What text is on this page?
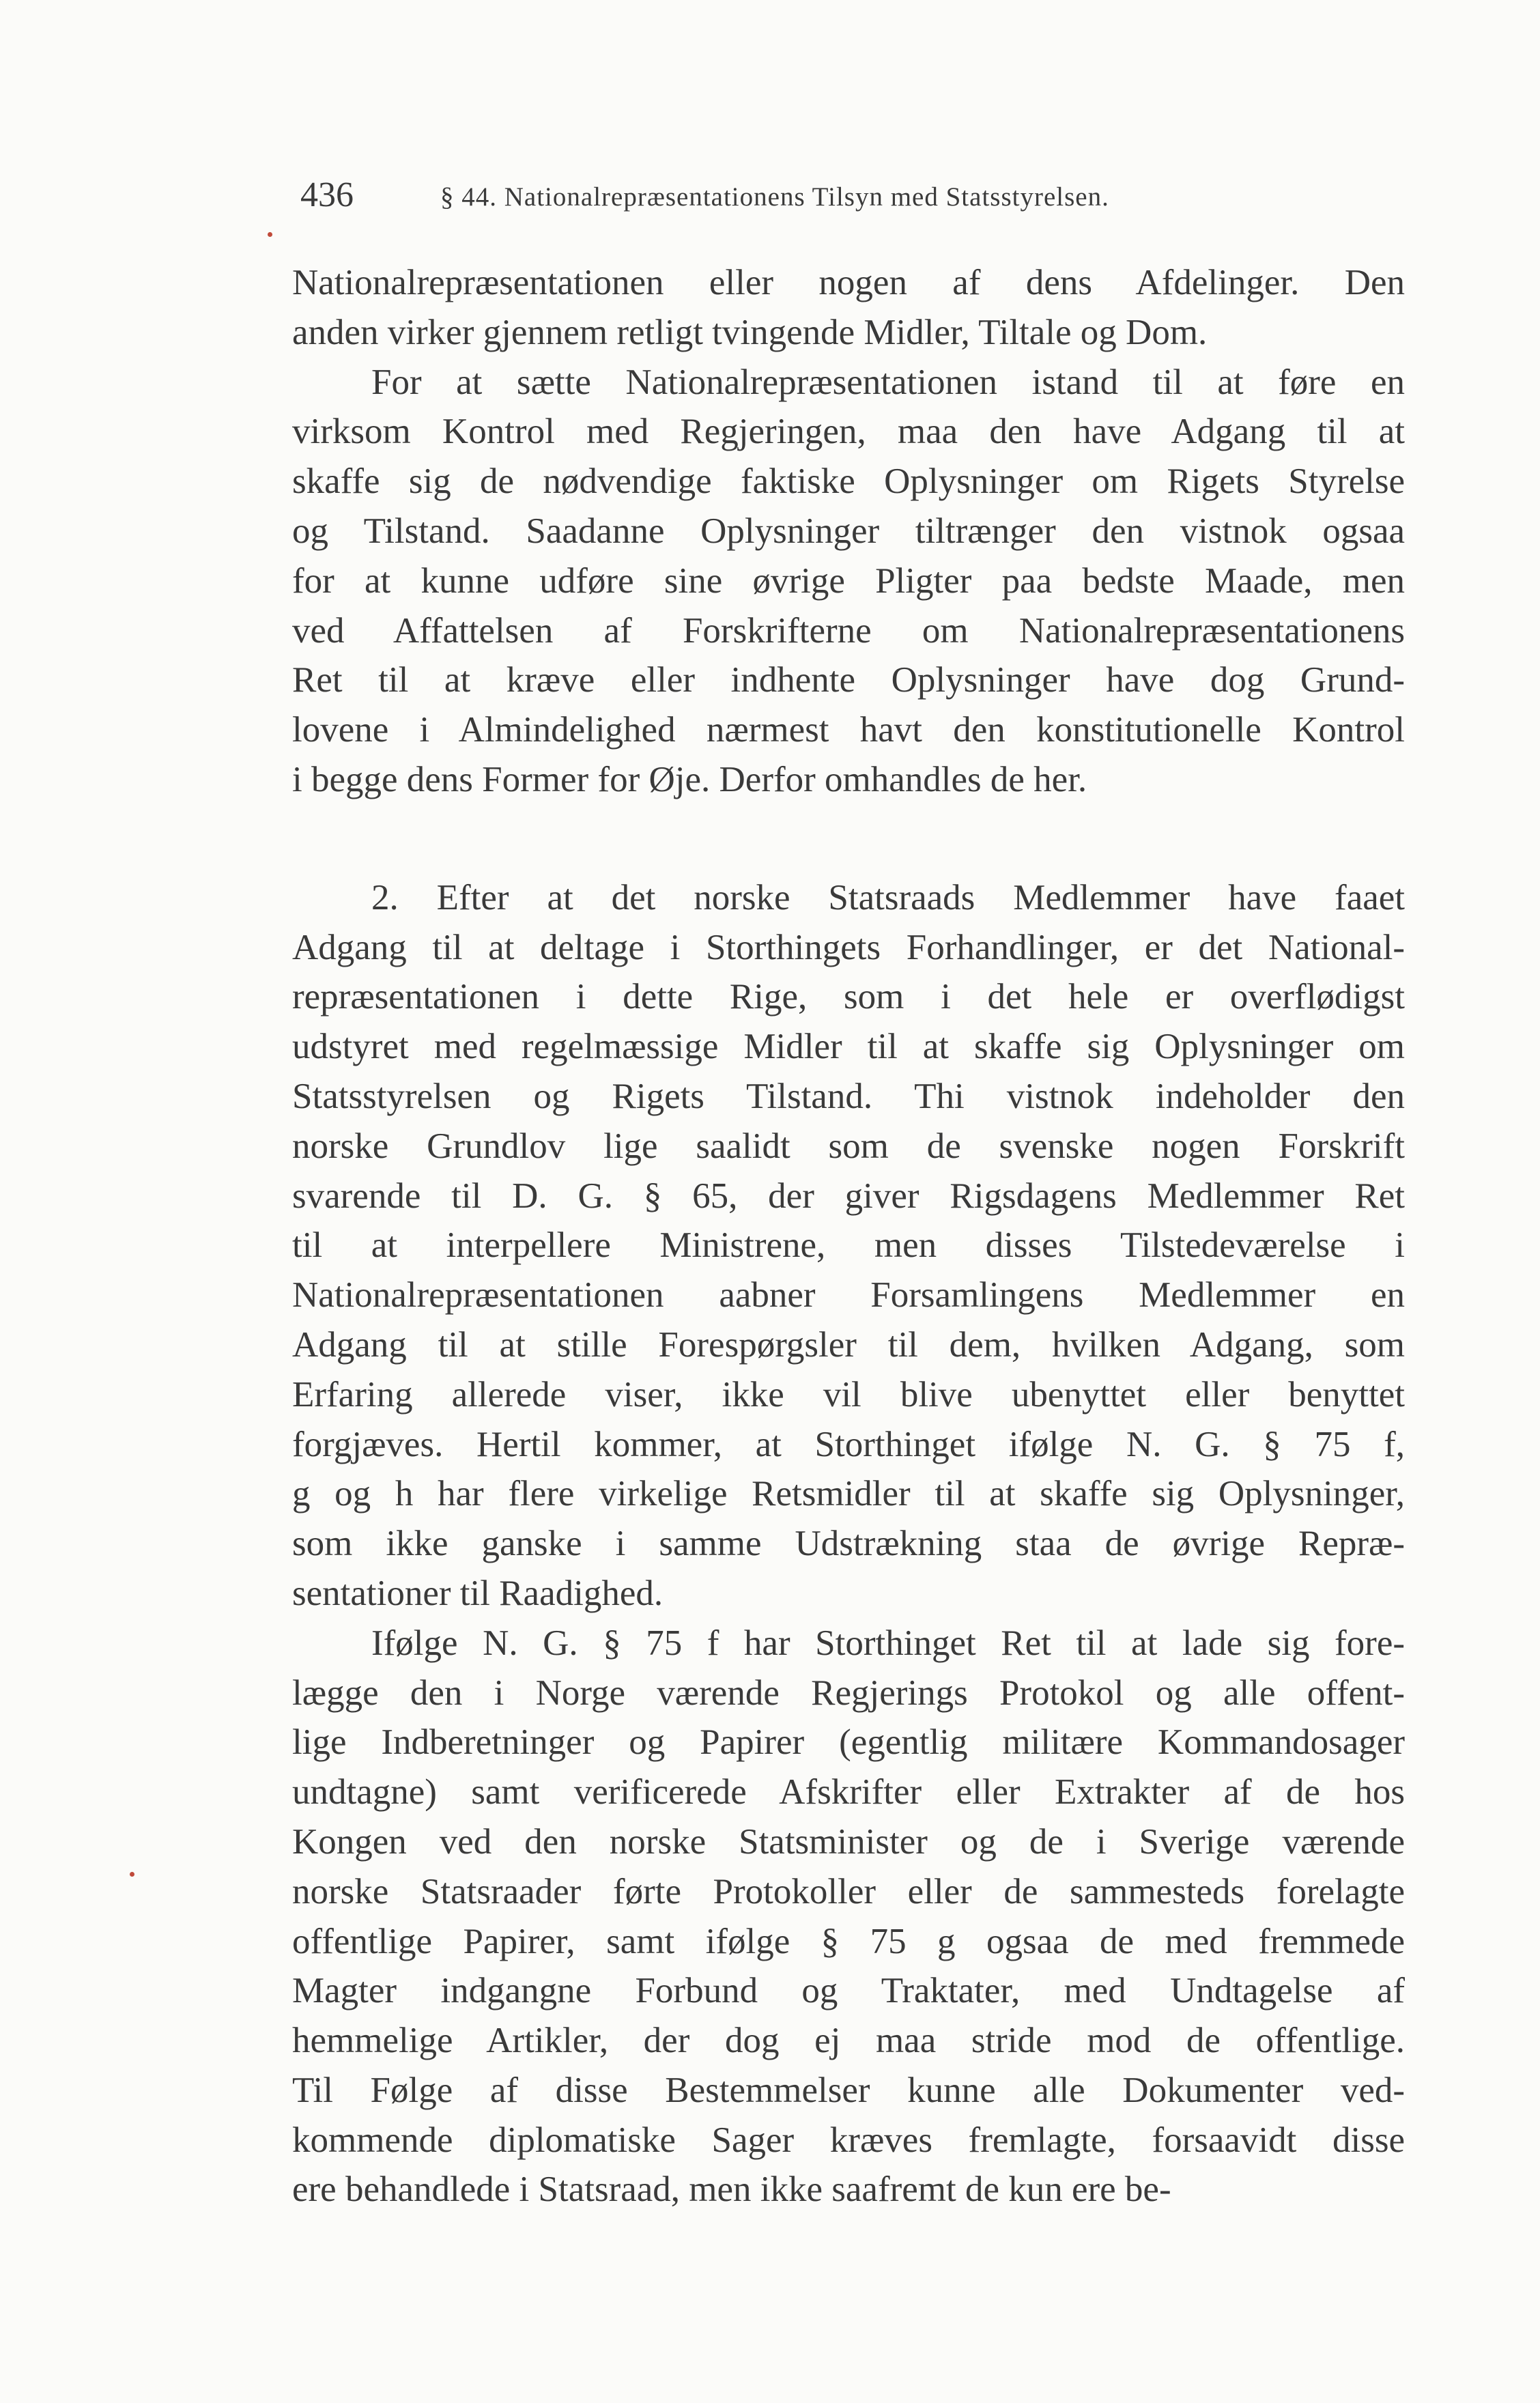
436	§ 44. Nationalrepræsentationens Tilsyn med Statsstyrelsen.
Nationalrepræsentationen eller nogen af dens Afdelinger. Den
anden virker gjennem retligt tvingende Midler, Tiltale og Dom.
For at sætte Nationalrepræsentationen istand til at føre en
virksom Kontrol med Regjeringen, maa den have Adgang til at
skaffe sig de nødvendige faktiske Oplysninger om Rigets Styrelse
og Tilstand. Saadanne Oplysninger tiltrænger den vistnok ogsaa
for at kunne udføre sine øvrige Pligter paa bedste Maade, men
ved Affattelsen af Forskrifterne om Nationalrepræsentationens
Ret til at kræve eller indhente Oplysninger have dog Grund-
lovene i Almindelighed nærmest havt den konstitutionelle Kontrol
i begge dens Former for Øje. Derfor omhandles de her.
2. Efter at det norske Statsraads Medlemmer have faaet
Adgang til at deltage i Storthingets Forhandlinger, er det National-
repræsentationen i dette Rige, som i det hele er overflødigst
udstyret med regelmæssige Midler til at skaffe sig Oplysninger om
Statsstyrelsen og Rigets Tilstand. Thi vistnok indeholder den
norske Grundlov lige saalidt som de svenske nogen Forskrift
svarende til D. G. § 65, der giver Rigsdagens Medlemmer Ret
til at interpellere Ministrene, men disses Tilstedeværelse i
Nationalrepræsentationen aabner Forsamlingens Medlemmer en
Adgang til at stille Forespørgsler til dem, hvilken Adgang, som
Erfaring allerede viser, ikke vil blive ubenyttet eller benyttet
forgjæves. Hertil kommer, at Storthinget ifølge N. G. § 75 f,
g og h har flere virkelige Retsmidler til at skaffe sig Oplysninger,
som ikke ganske i samme Udstrækning staa de øvrige Repræ-
sentationer til Raadighed.
Ifølge N. G. § 75 f har Storthinget Ret til at lade sig fore-
lægge den i Norge værende Regjerings Protokol og alle offent-
lige Indberetninger og Papirer (egentlig militære Kommandosager
undtagne) samt verificerede Afskrifter eller Extrakter af de hos
Kongen ved den norske Statsminister og de i Sverige værende
norske Statsraader førte Protokoller eller de sammesteds forelagte
offentlige Papirer, samt ifølge § 75 g ogsaa de med fremmede
Magter indgangne Forbund og Traktater, med Undtagelse af
hemmelige Artikler, der dog ej maa stride mod de offentlige.
Til Følge af disse Bestemmelser kunne alle Dokumenter ved-
kommende diplomatiske Sager kræves fremlagte, forsaavidt disse
ere behandlede i Statsraad, men ikke saafremt de kun ere be-
